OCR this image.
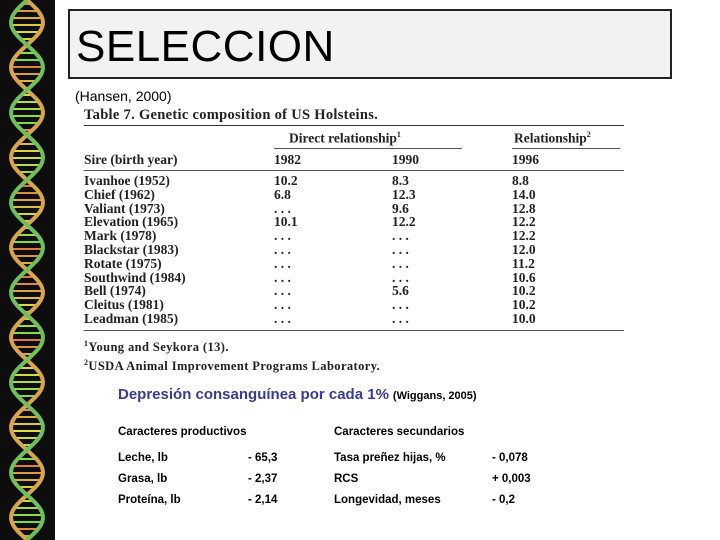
SELECCION
(Hansen, 2000)
Table 7. Genetic composition of US Holsteins.
Direct relationship$^1$	Relationship$^2$
Sire (birth year)	1982	1990	1996
Ivanhoe (1952)	10.2	8.3	8.8
Chief (1962)	6.8	12.3	14.0
Valiant (1973)	. . .	9.6	12.8
Elevation (1965)	10.1	12.2	12.2
Mark (1978)	. . .	. . .	12.2
Blackstar (1983)	. . .	. . .	12.0
Rotate (1975)	. . .	. . .	11.2
Southwind (1984)	. . .	. . .	10.6
Bell (1974)	. . .	5.6	10.2
Cleitus (1981)	. . .	. . .	10.2
Leadman (1985)	. . .	. . .	10.0
$^1$Young and Seykora (13).
$^2$USDA Animal Improvement Programs Laboratory.
Depresión consanguínea por cada 1% (Wiggans, 2005)
Caracteres productivos	Caracteres secundarios
Leche, lb	- 65,3	Tasa preñez hijas, %	- 0,078
Grasa, lb	- 2,37	RCS	+ 0,003
Proteína, lb	- 2,14	Longevidad, meses	- 0,2
